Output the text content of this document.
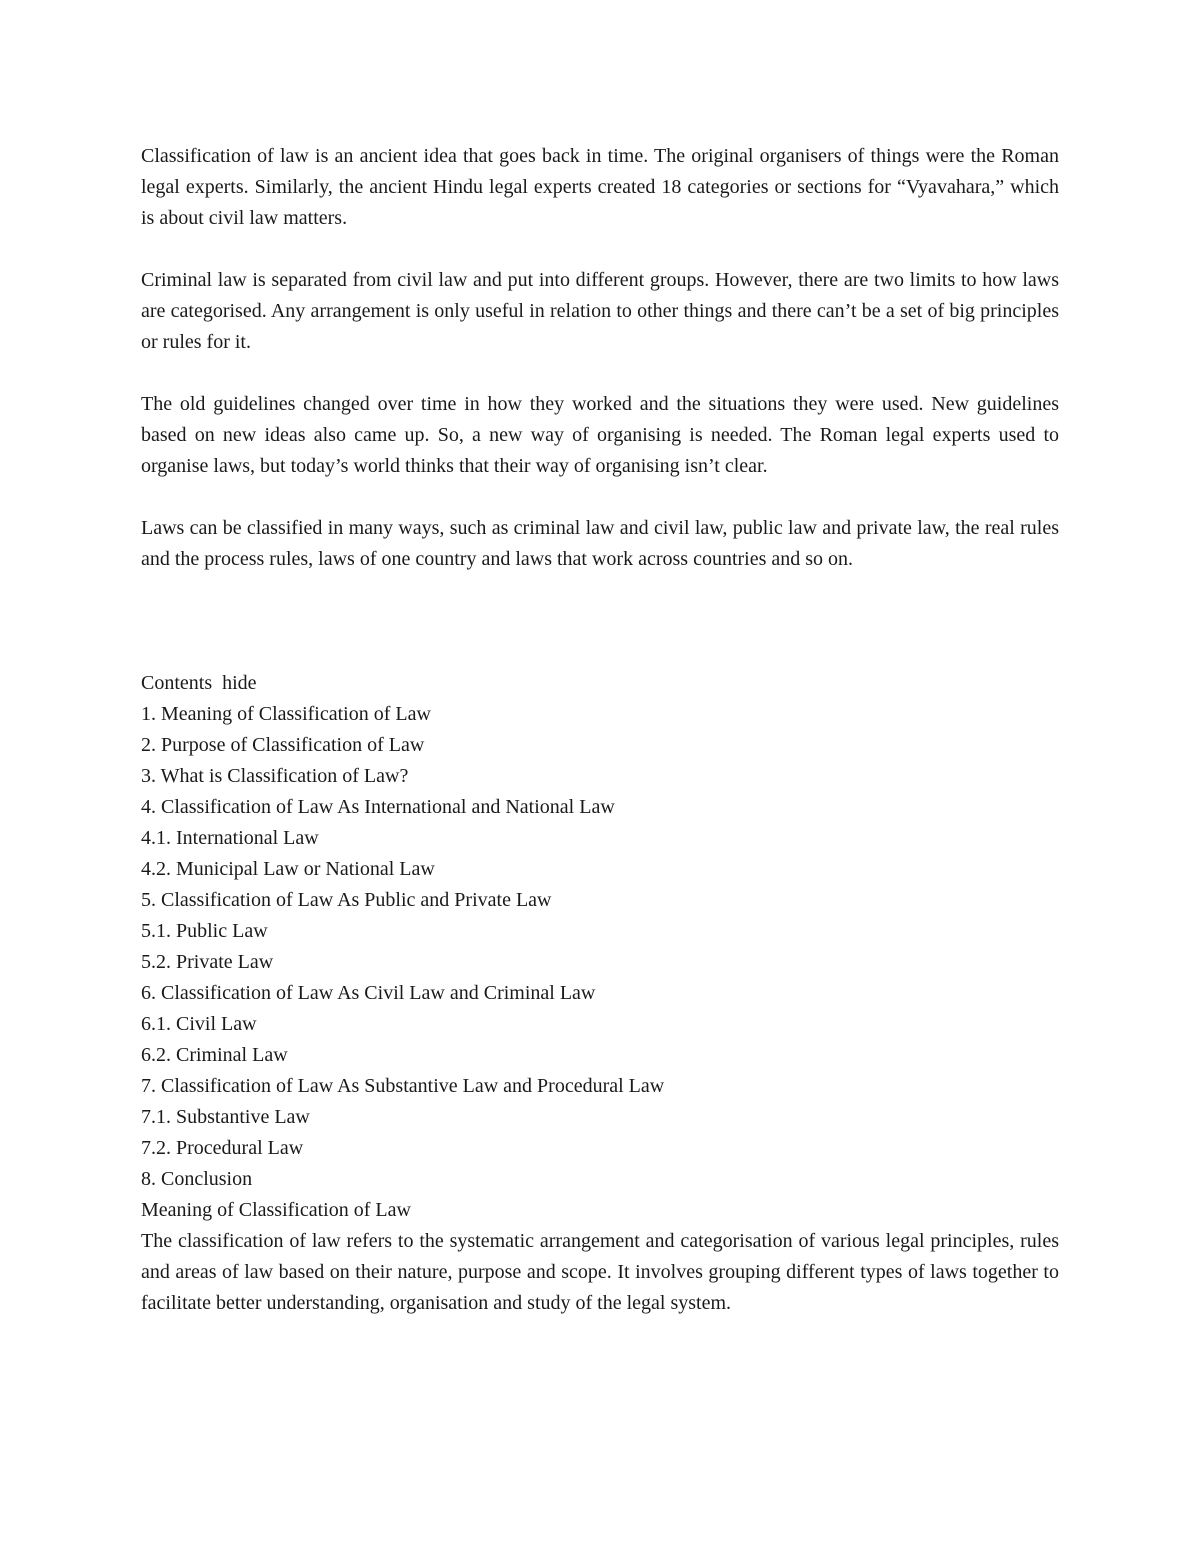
Classification of law is an ancient idea that goes back in time. The original organisers of things were the Roman legal experts. Similarly, the ancient Hindu legal experts created 18 categories or sections for “Vyavahara,” which is about civil law matters.

Criminal law is separated from civil law and put into different groups. However, there are two limits to how laws are categorised. Any arrangement is only useful in relation to other things and there can’t be a set of big principles or rules for it.

The old guidelines changed over time in how they worked and the situations they were used. New guidelines based on new ideas also came up. So, a new way of organising is needed. The Roman legal experts used to organise laws, but today’s world thinks that their way of organising isn’t clear.

Laws can be classified in many ways, such as criminal law and civil law, public law and private law, the real rules and the process rules, laws of one country and laws that work across countries and so on.

Contents  hide

1. Meaning of Classification of Law
2. Purpose of Classification of Law
3. What is Classification of Law?
4. Classification of Law As International and National Law
4.1. International Law
4.2. Municipal Law or National Law
5. Classification of Law As Public and Private Law
5.1. Public Law
5.2. Private Law
6. Classification of Law As Civil Law and Criminal Law
6.1. Civil Law
6.2. Criminal Law
7. Classification of Law As Substantive Law and Procedural Law
7.1. Substantive Law
7.2. Procedural Law
8. Conclusion

Meaning of Classification of Law

The classification of law refers to the systematic arrangement and categorisation of various legal principles, rules and areas of law based on their nature, purpose and scope. It involves grouping different types of laws together to facilitate better understanding, organisation and study of the legal system.
